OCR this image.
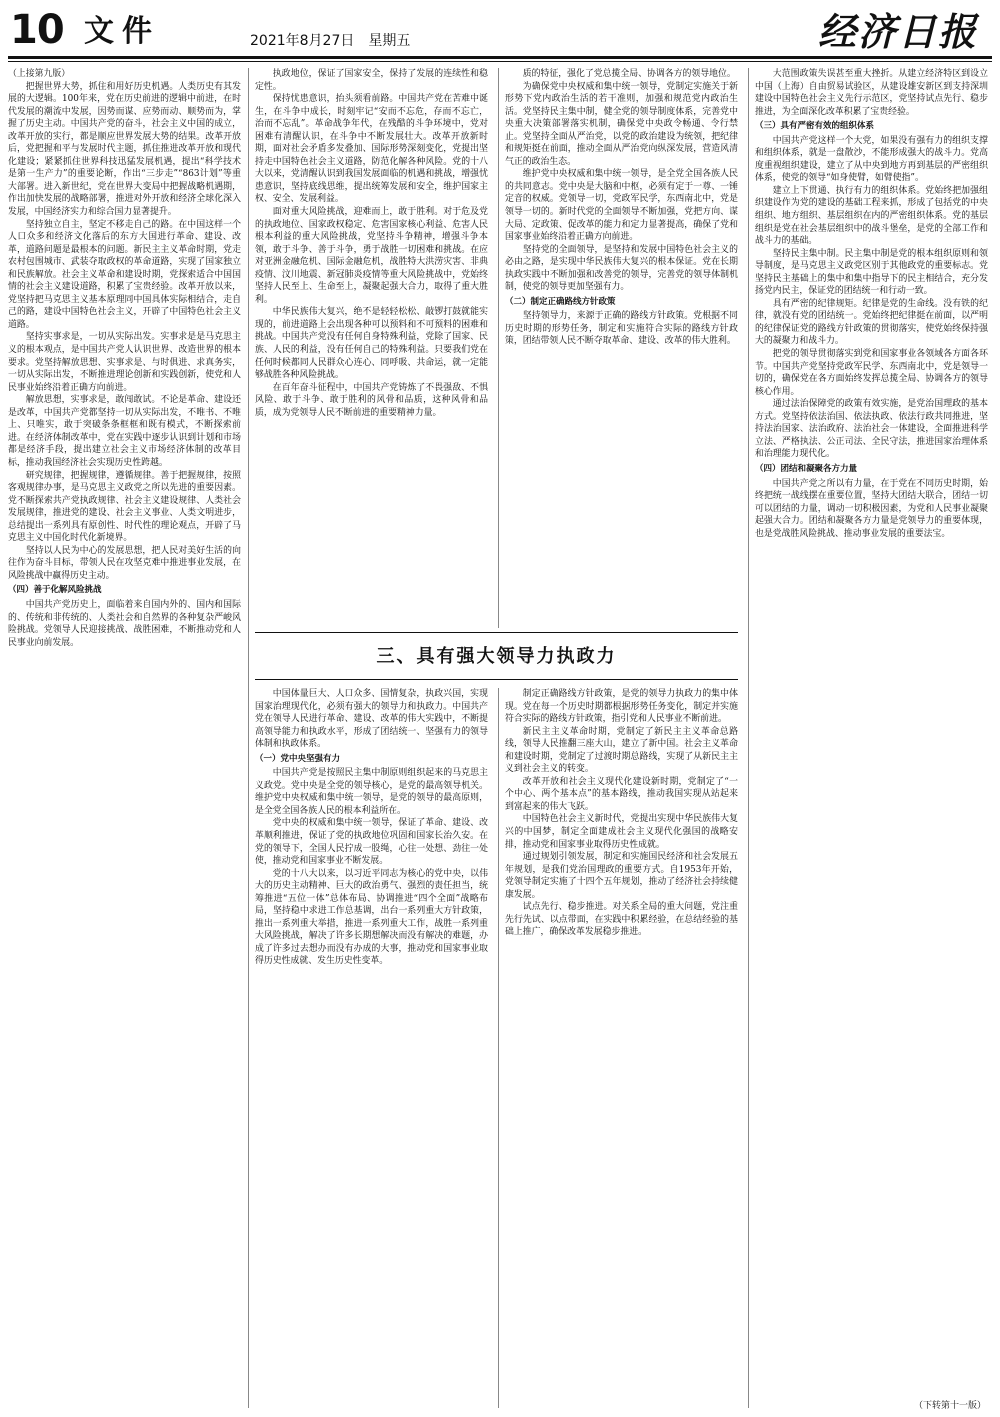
10 文件	2021年8月27日　星期五	经济日报

（上接第九版）

把握世界大势，抓住和用好历史机遇。人类历史有其发展的大逻辑。100年来，党在历史前进的逻辑中前进，在时代发展的潮流中发展，因势而谋、应势而动、顺势而为，掌握了历史主动。中国共产党的奋斗，社会主义中国的成立，改革开放的实行，都是顺应世界发展大势的结果。改革开放后，党把握和平与发展时代主题，抓住推进改革开放和现代化建设；紧紧抓住世界科技迅猛发展机遇，提出“科学技术是第一生产力”的重要论断，作出“三步走”“863计划”等重大部署。进入新世纪，党在世界大变局中把握战略机遇期，作出加快发展的战略部署，推进对外开放和经济全球化深入发展，中国经济实力和综合国力显著提升。

坚持独立自主，坚定不移走自己的路。在中国这样一个人口众多和经济文化落后的东方大国进行革命、建设、改革，道路问题是最根本的问题。新民主主义革命时期，党走农村包围城市、武装夺取政权的革命道路，实现了国家独立和民族解放。社会主义革命和建设时期，党探索适合中国国情的社会主义建设道路，积累了宝贵经验。改革开放以来，党坚持把马克思主义基本原理同中国具体实际相结合，走自己的路，建设中国特色社会主义，开辟了中国特色社会主义道路。

坚持实事求是，一切从实际出发。实事求是是马克思主义的根本观点，是中国共产党人认识世界、改造世界的根本要求。党坚持解放思想、实事求是、与时俱进、求真务实，一切从实际出发，不断推进理论创新和实践创新，使党和人民事业始终沿着正确方向前进。

解放思想，实事求是，敢闯敢试。不论是革命、建设还是改革，中国共产党都坚持一切从实际出发，不唯书、不唯上、只唯实，敢于突破条条框框和既有模式，不断探索前进。在经济体制改革中，党在实践中逐步认识到计划和市场都是经济手段，提出建立社会主义市场经济体制的改革目标，推动我国经济社会实现历史性跨越。

研究规律，把握规律，遵循规律。善于把握规律，按照客观规律办事，是马克思主义政党之所以先进的重要因素。党不断探索共产党执政规律、社会主义建设规律、人类社会发展规律，推进党的建设、社会主义事业、人类文明进步，总结提出一系列具有原创性、时代性的理论观点，开辟了马克思主义中国化时代化新境界。

坚持以人民为中心的发展思想，把人民对美好生活的向往作为奋斗目标，带领人民在攻坚克难中推进事业发展，在风险挑战中赢得历史主动。

（四）善于化解风险挑战

中国共产党历史上，面临着来自国内外的、国内和国际的、传统和非传统的、人类社会和自然界的各种复杂严峻风险挑战。党领导人民迎接挑战、战胜困难，不断推动党和人民事业向前发展。

执政地位，保证了国家安全，保持了发展的连续性和稳定性。

保持忧患意识，抬头须看前路。中国共产党在苦难中诞生，在斗争中成长，时刻牢记“安而不忘危，存而不忘亡，治而不忘乱”。革命战争年代，在残酷的斗争环境中，党对困难有清醒认识，在斗争中不断发展壮大。改革开放新时期，面对社会矛盾多发叠加、国际形势深刻变化，党提出坚持走中国特色社会主义道路，防范化解各种风险。党的十八大以来，党清醒认识到我国发展面临的机遇和挑战，增强忧患意识，坚持底线思维，提出统筹发展和安全，维护国家主权、安全、发展利益。

面对重大风险挑战，迎难而上，敢于胜利。对于危及党的执政地位、国家政权稳定、危害国家核心利益、危害人民根本利益的重大风险挑战，党坚持斗争精神，增强斗争本领，敢于斗争、善于斗争，勇于战胜一切困难和挑战。在应对亚洲金融危机、国际金融危机，战胜特大洪涝灾害、非典疫情、汶川地震、新冠肺炎疫情等重大风险挑战中，党始终坚持人民至上、生命至上，凝聚起强大合力，取得了重大胜利。

中华民族伟大复兴，绝不是轻轻松松、敲锣打鼓就能实现的，前进道路上会出现各种可以预料和不可预料的困难和挑战。中国共产党没有任何自身特殊利益，党除了国家、民族、人民的利益，没有任何自己的特殊利益。只要我们党在任何时候都同人民群众心连心、同呼吸、共命运，就一定能够战胜各种风险挑战。

在百年奋斗征程中，中国共产党铸炼了不畏强敌、不惧风险、敢于斗争、敢于胜利的风骨和品质，这种风骨和品质，成为党领导人民不断前进的重要精神力量。

质的特征，强化了党总揽全局、协调各方的领导地位。

为确保党中央权威和集中统一领导，党制定实施关于新形势下党内政治生活的若干准则，加强和规范党内政治生活。党坚持民主集中制，健全党的领导制度体系，完善党中央重大决策部署落实机制，确保党中央政令畅通、令行禁止。党坚持全面从严治党，以党的政治建设为统领，把纪律和规矩挺在前面，推动全面从严治党向纵深发展，营造风清气正的政治生态。

维护党中央权威和集中统一领导，是全党全国各族人民的共同意志。党中央是大脑和中枢，必须有定于一尊、一锤定音的权威。党领导一切，党政军民学，东西南北中，党是领导一切的。新时代党的全面领导不断加强，党把方向、谋大局、定政策、促改革的能力和定力显著提高，确保了党和国家事业始终沿着正确方向前进。

坚持党的全面领导，是坚持和发展中国特色社会主义的必由之路，是实现中华民族伟大复兴的根本保证。党在长期执政实践中不断加强和改善党的领导，完善党的领导体制机制，使党的领导更加坚强有力。

（二）制定正确路线方针政策

坚持领导力，来源于正确的路线方针政策。党根据不同历史时期的形势任务，制定和实施符合实际的路线方针政策，团结带领人民不断夺取革命、建设、改革的伟大胜利。

三、具有强大领导力执政力

中国体量巨大、人口众多、国情复杂，执政兴国，实现国家治理现代化，必须有强大的领导力和执政力。中国共产党在领导人民进行革命、建设、改革的伟大实践中，不断提高领导能力和执政水平，形成了团结统一、坚强有力的领导体制和执政体系。

（一）党中央坚强有力

中国共产党是按照民主集中制原则组织起来的马克思主义政党。党中央是全党的领导核心，是党的最高领导机关。维护党中央权威和集中统一领导，是党的领导的最高原则，是全党全国各族人民的根本利益所在。

党中央的权威和集中统一领导，保证了革命、建设、改革顺利推进，保证了党的执政地位巩固和国家长治久安。在党的领导下，全国人民拧成一股绳，心往一处想、劲往一处使，推动党和国家事业不断发展。

党的十八大以来，以习近平同志为核心的党中央，以伟大的历史主动精神、巨大的政治勇气、强烈的责任担当，统筹推进“五位一体”总体布局、协调推进“四个全面”战略布局，坚持稳中求进工作总基调，出台一系列重大方针政策，推出一系列重大举措，推进一系列重大工作，战胜一系列重大风险挑战，解决了许多长期想解决而没有解决的难题，办成了许多过去想办而没有办成的大事，推动党和国家事业取得历史性成就、发生历史性变革。

制定正确路线方针政策，是党的领导力执政力的集中体现。党在每一个历史时期都根据形势任务变化，制定并实施符合实际的路线方针政策，指引党和人民事业不断前进。

新民主主义革命时期，党制定了新民主主义革命总路线，领导人民推翻三座大山，建立了新中国。社会主义革命和建设时期，党制定了过渡时期总路线，实现了从新民主主义到社会主义的转变。

改革开放和社会主义现代化建设新时期，党制定了“一个中心、两个基本点”的基本路线，推动我国实现从站起来到富起来的伟大飞跃。

中国特色社会主义新时代，党提出实现中华民族伟大复兴的中国梦，制定全面建成社会主义现代化强国的战略安排，推动党和国家事业取得历史性成就。

通过规划引领发展，制定和实施国民经济和社会发展五年规划，是我们党治国理政的重要方式。自1953年开始，党领导制定实施了十四个五年规划，推动了经济社会持续健康发展。

试点先行、稳步推进。对关系全局的重大问题，党注重先行先试、以点带面，在实践中积累经验，在总结经验的基础上推广，确保改革发展稳步推进。

大范围政策失误甚至重大挫折。从建立经济特区到设立中国（上海）自由贸易试验区，从建设雄安新区到支持深圳建设中国特色社会主义先行示范区，党坚持试点先行、稳步推进，为全面深化改革积累了宝贵经验。

（三）具有严密有效的组织体系

中国共产党这样一个大党，如果没有强有力的组织支撑和组织体系，就是一盘散沙，不能形成强大的战斗力。党高度重视组织建设，建立了从中央到地方再到基层的严密组织体系，使党的领导“如身使臂，如臂使指”。

建立上下贯通、执行有力的组织体系。党始终把加强组织建设作为党的建设的基础工程来抓，形成了包括党的中央组织、地方组织、基层组织在内的严密组织体系。党的基层组织是党在社会基层组织中的战斗堡垒，是党的全部工作和战斗力的基础。

坚持民主集中制。民主集中制是党的根本组织原则和领导制度，是马克思主义政党区别于其他政党的重要标志。党坚持民主基础上的集中和集中指导下的民主相结合，充分发扬党内民主，保证党的团结统一和行动一致。

具有严密的纪律规矩。纪律是党的生命线。没有铁的纪律，就没有党的团结统一。党始终把纪律挺在前面，以严明的纪律保证党的路线方针政策的贯彻落实，使党始终保持强大的凝聚力和战斗力。

把党的领导贯彻落实到党和国家事业各领域各方面各环节。中国共产党坚持党政军民学、东西南北中，党是领导一切的，确保党在各方面始终发挥总揽全局、协调各方的领导核心作用。

通过法治保障党的政策有效实施，是党治国理政的基本方式。党坚持依法治国、依法执政、依法行政共同推进，坚持法治国家、法治政府、法治社会一体建设，全面推进科学立法、严格执法、公正司法、全民守法，推进国家治理体系和治理能力现代化。

（四）团结和凝聚各方力量

中国共产党之所以有力量，在于党在不同历史时期，始终把统一战线摆在重要位置，坚持大团结大联合，团结一切可以团结的力量，调动一切积极因素，为党和人民事业凝聚起强大合力。团结和凝聚各方力量是党领导力的重要体现，也是党战胜风险挑战、推动事业发展的重要法宝。

（下转第十一版）
